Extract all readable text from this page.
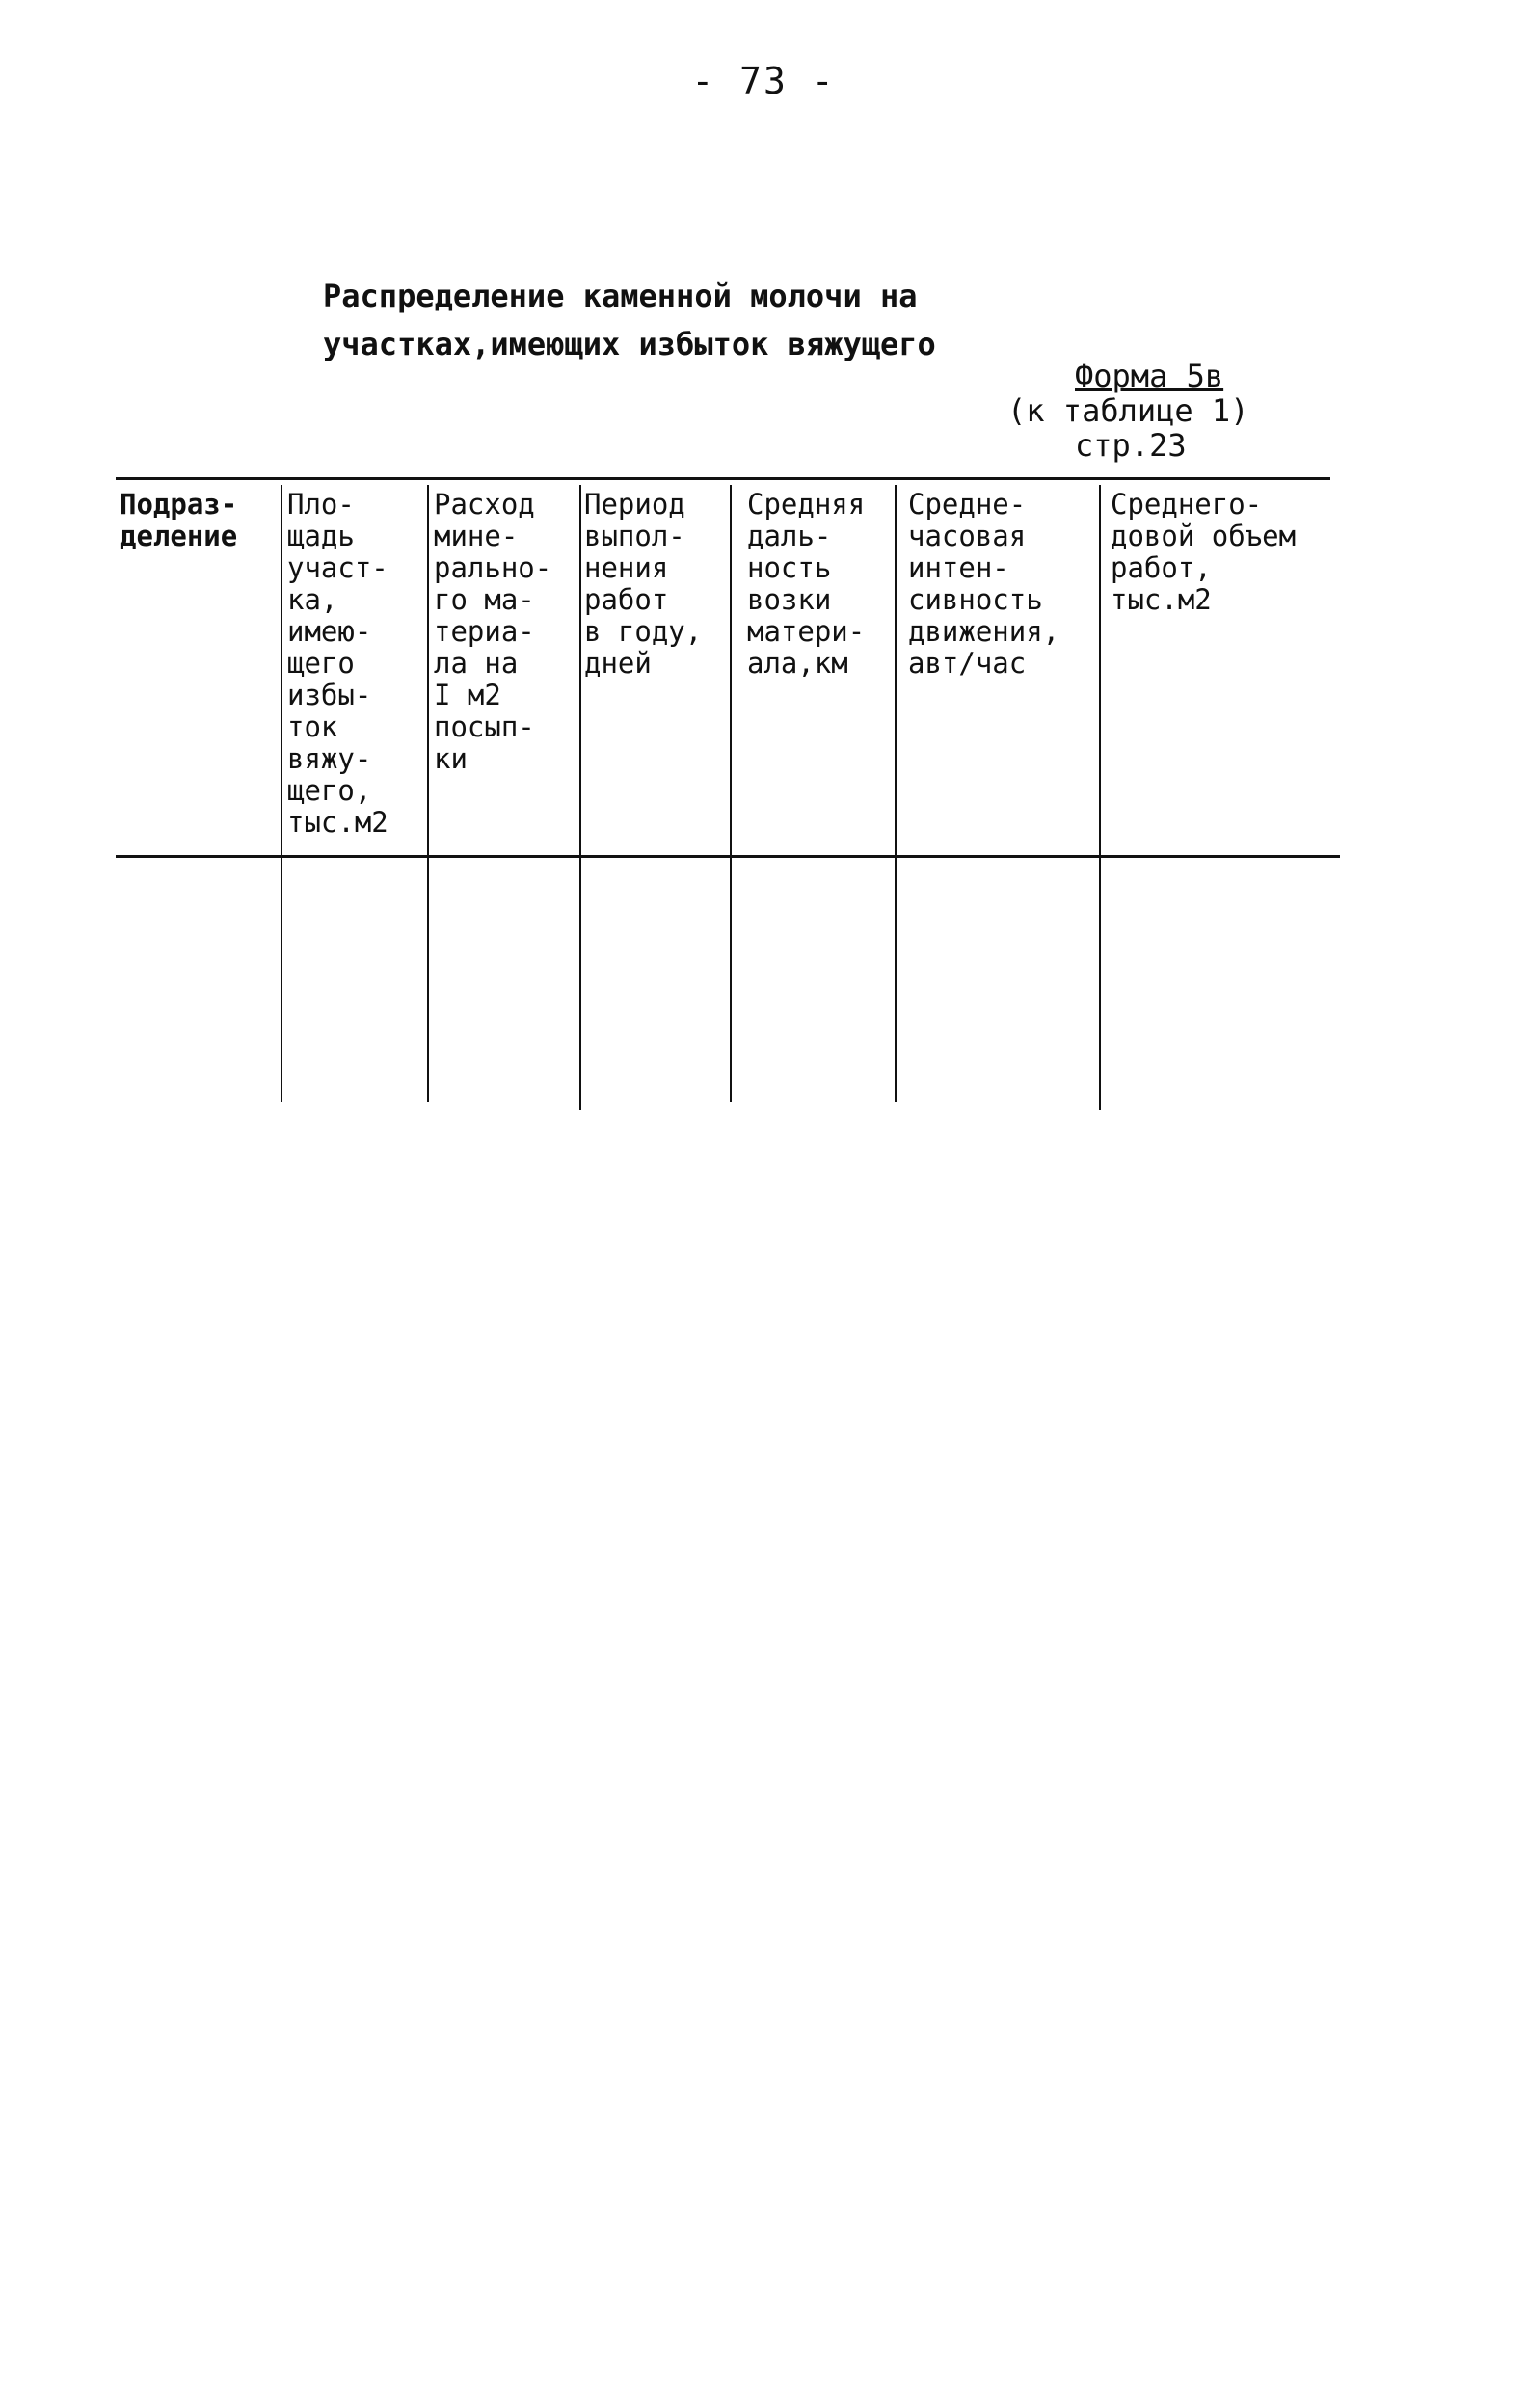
- 73 -
Распределение каменной молочи на
участках,имеющих избыток вяжущего
Форма 5в
(к таблице 1)
стр.23
Подраз-
деление
Пло-
щадь
участ-
ка,
имею-
щего
избы-
ток
вяжу-
щего,
тыс.м2
Расход
мине-
рально-
го ма-
териа-
ла на
I м2
посып-
ки
Период
выпол-
нения
работ
в году,
дней
Средняя
даль-
ность
возки
матери-
ала,км
Средне-
часовая
интен-
сивность
движения,
авт/час
Среднего-
довой объем
работ,
тыс.м2
